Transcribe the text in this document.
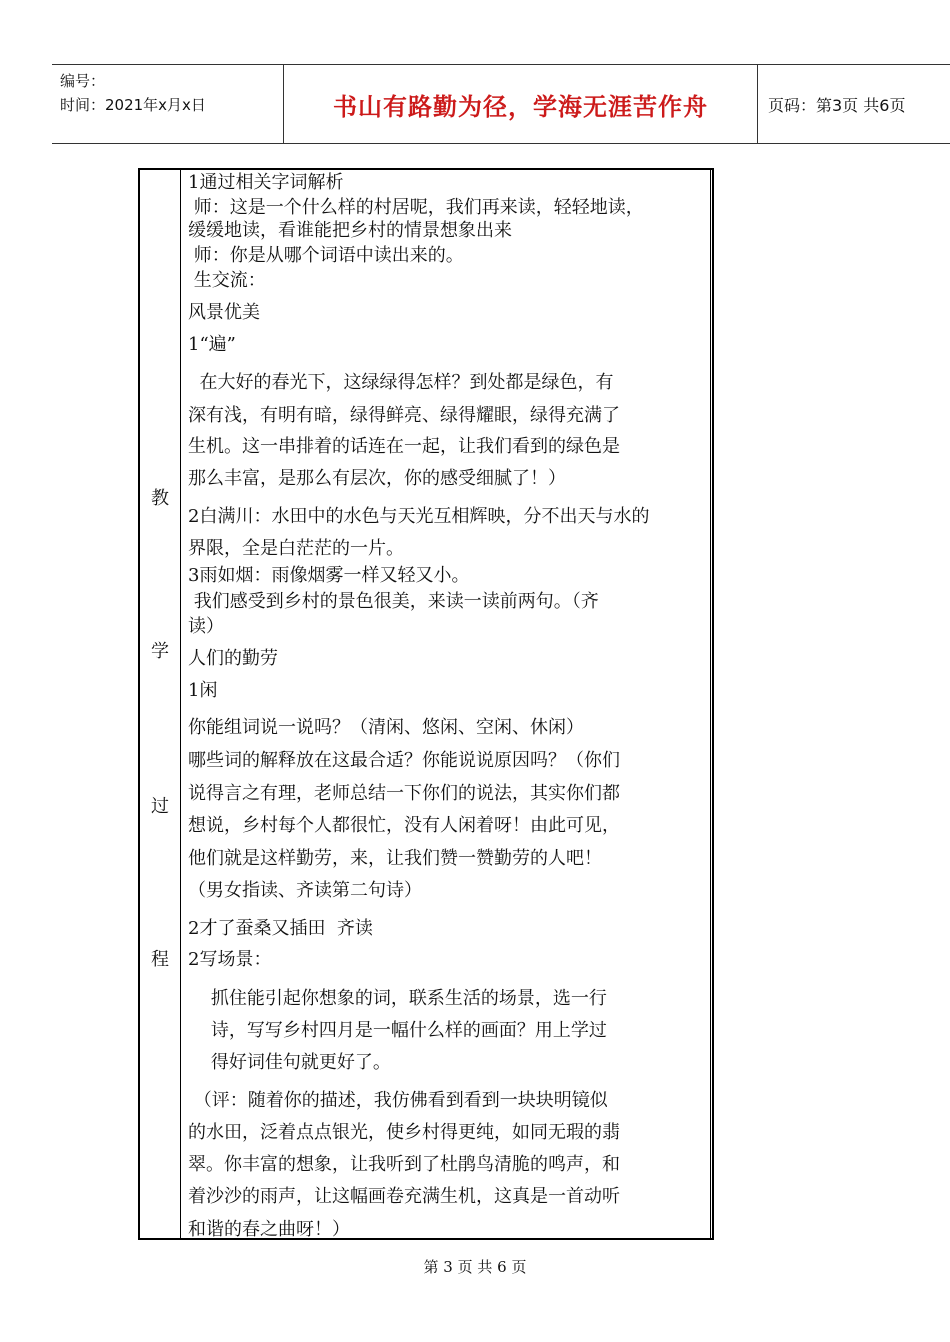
编号：
时间：2021年x月x日	书山有路勤为径，学海无涯苦作舟	页码：第3页 共6页
教
学
过
程
1通过相关字词解析
师：这是一个什么样的村居呢，我们再来读，轻轻地读，
缓缓地读，看谁能把乡村的情景想象出来
师：你是从哪个词语中读出来的。
生交流：
风景优美
1“遍”
在大好的春光下，这绿绿得怎样？到处都是绿色，有
深有浅，有明有暗，绿得鲜亮、绿得耀眼，绿得充满了
生机。这一串排着的话连在一起，让我们看到的绿色是
那么丰富，是那么有层次，你的感受细腻了！）
2白满川：水田中的水色与天光互相辉映，分不出天与水的
界限，全是白茫茫的一片。
3雨如烟：雨像烟雾一样又轻又小。
我们感受到乡村的景色很美，来读一读前两句。（齐
读）
人们的勤劳
1闲
你能组词说一说吗？（清闲、悠闲、空闲、休闲）
哪些词的解释放在这最合适？你能说说原因吗？（你们
说得言之有理，老师总结一下你们的说法，其实你们都
想说，乡村每个人都很忙，没有人闲着呀！由此可见，
他们就是这样勤劳，来，让我们赞一赞勤劳的人吧！
（男女指读、齐读第二句诗）
2才了蚕桑又插田  齐读
2写场景：
抓住能引起你想象的词，联系生活的场景，选一行
诗，写写乡村四月是一幅什么样的画面？用上学过
得好词佳句就更好了。
（评：随着你的描述，我仿佛看到看到一块块明镜似
的水田，泛着点点银光，使乡村得更纯，如同无瑕的翡
翠。你丰富的想象，让我听到了杜鹃鸟清脆的鸣声，和
着沙沙的雨声，让这幅画卷充满生机，这真是一首动听
和谐的春之曲呀！）
第 3 页 共 6 页
